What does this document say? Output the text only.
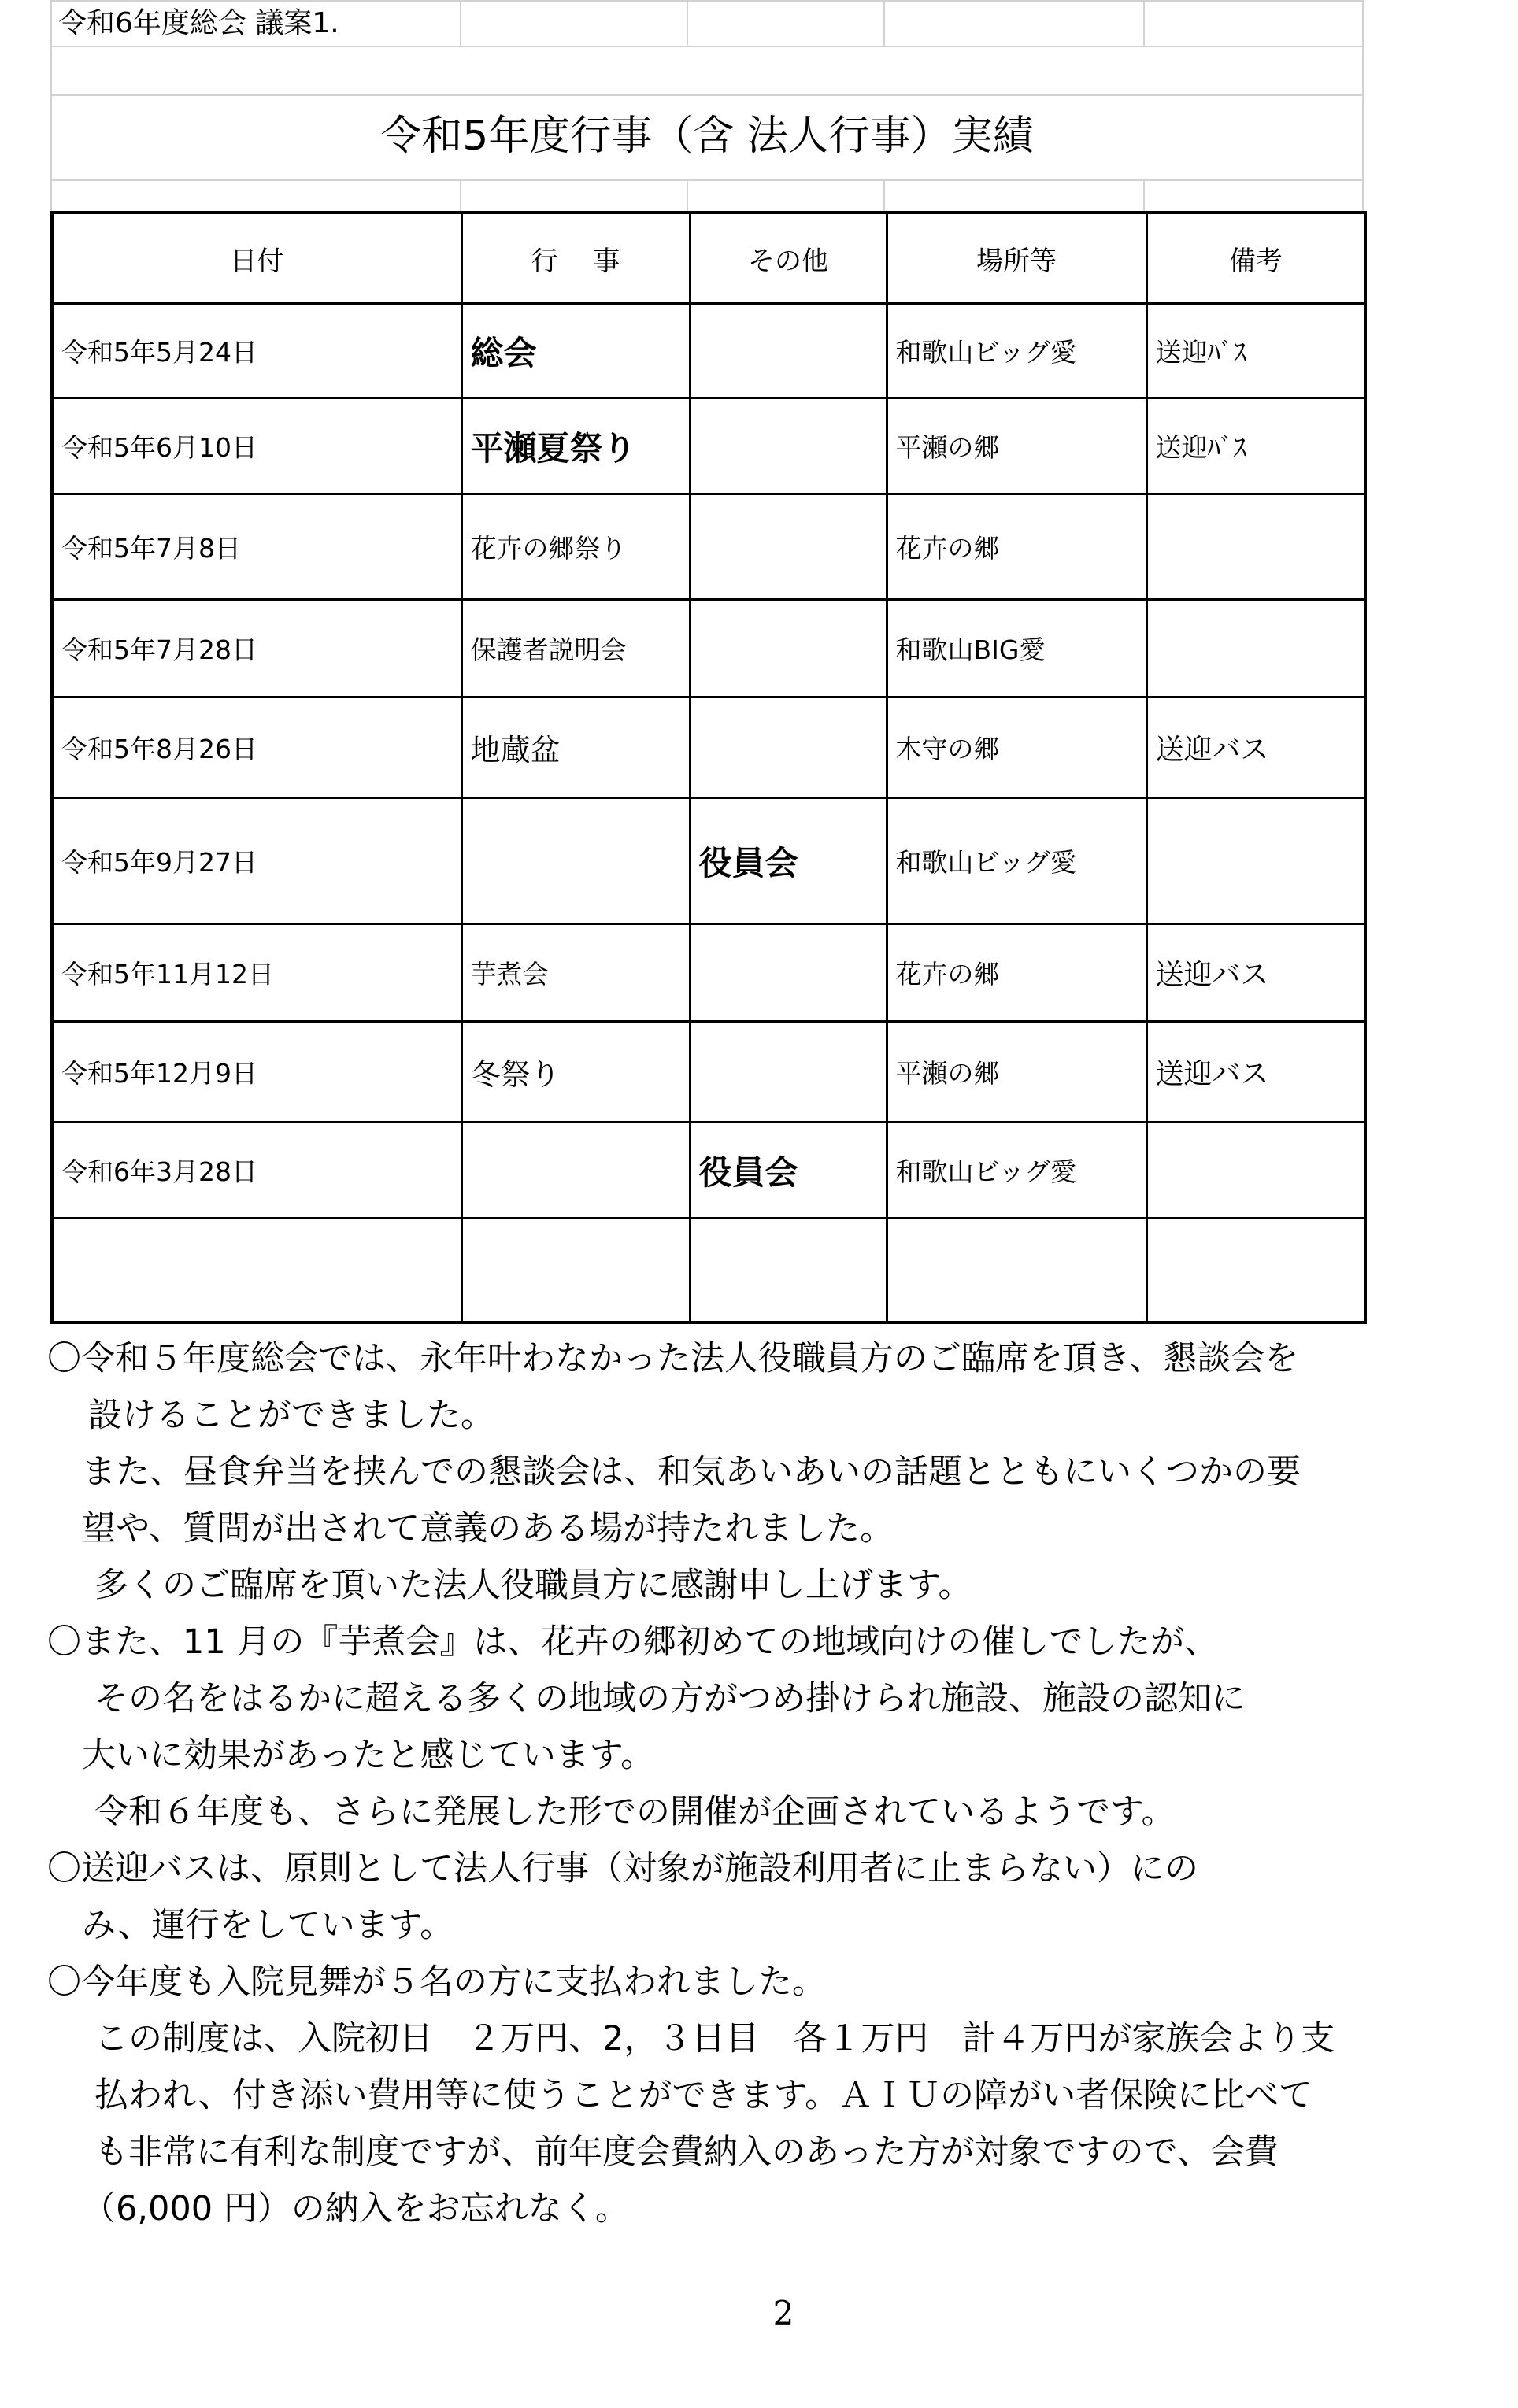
令和6年度総会 議案1.
令和5年度行事（含 法人行事）実績
日付	行　 事	その他	場所等	備考
令和5年5月24日	総会		和歌山ビッグ愛	送迎ﾊﾞｽ
令和5年6月10日	平瀬夏祭り		平瀬の郷	送迎ﾊﾞｽ
令和5年7月8日	花卉の郷祭り		花卉の郷	
令和5年7月28日	保護者説明会		和歌山BIG愛	
令和5年8月26日	地蔵盆		木守の郷	送迎バス
令和5年9月27日		役員会	和歌山ビッグ愛	
令和5年11月12日	芋煮会		花卉の郷	送迎バス
令和5年12月9日	冬祭り		平瀬の郷	送迎バス
令和6年3月28日		役員会	和歌山ビッグ愛	

〇令和５年度総会では、永年叶わなかった法人役職員方のご臨席を頂き、懇談会を

設けることができました。

また、昼食弁当を挟んでの懇談会は、和気あいあいの話題とともにいくつかの要

望や、質問が出されて意義のある場が持たれました。

多くのご臨席を頂いた法人役職員方に感謝申し上げます。

〇また、11 月の『芋煮会』は、花卉の郷初めての地域向けの催しでしたが、

その名をはるかに超える多くの地域の方がつめ掛けられ施設、施設の認知に

大いに効果があったと感じています。

令和６年度も、さらに発展した形での開催が企画されているようです。

〇送迎バスは、原則として法人行事（対象が施設利用者に止まらない）にの

み、運行をしています。

〇今年度も入院見舞が５名の方に支払われました。

この制度は、入院初日　２万円、2，３日目　各１万円　計４万円が家族会より支

払われ、付き添い費用等に使うことができます。ＡＩＵの障がい者保険に比べて

も非常に有利な制度ですが、前年度会費納入のあった方が対象ですので、会費

（6,000 円）の納入をお忘れなく。

2
